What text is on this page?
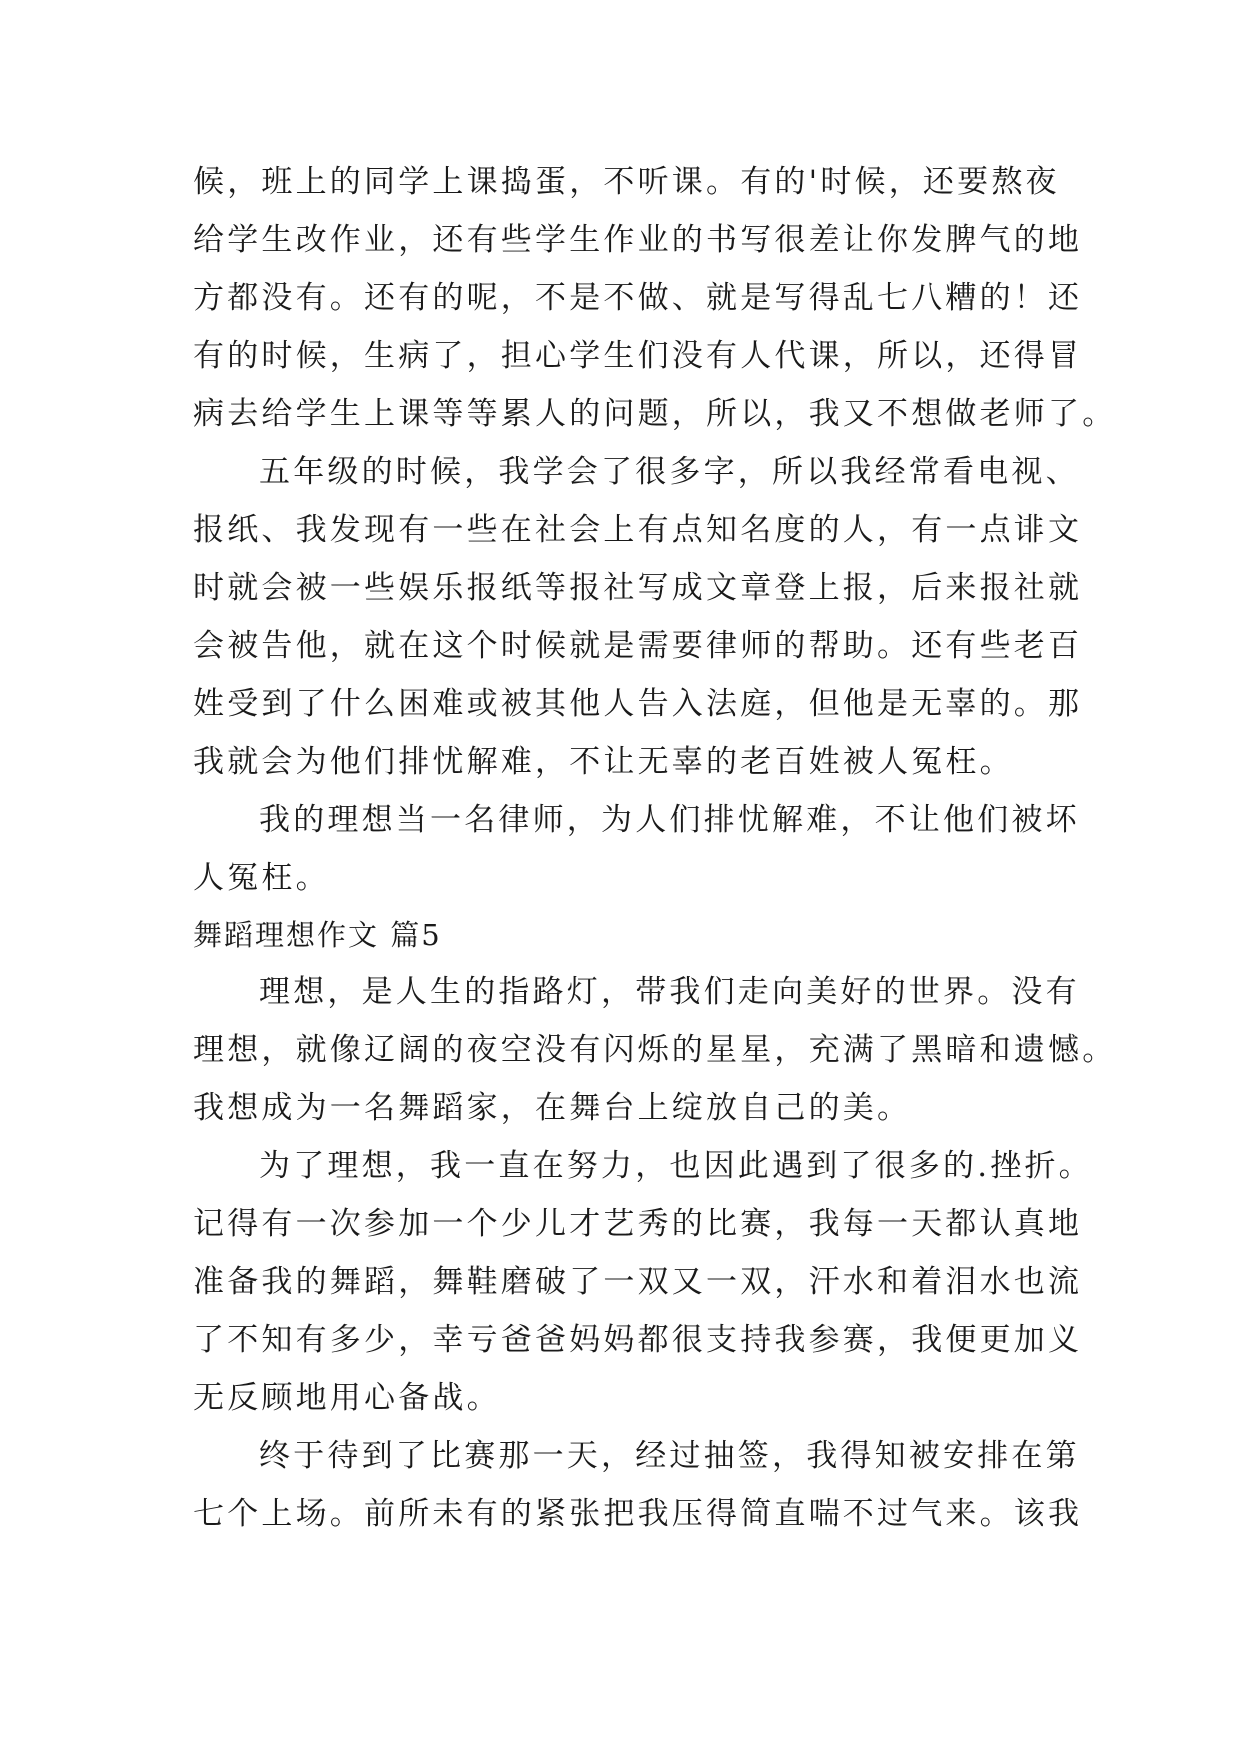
候，班上的同学上课捣蛋，不听课。有的'时候，还要熬夜
给学生改作业，还有些学生作业的书写很差让你发脾气的地
方都没有。还有的呢，不是不做、就是写得乱七八糟的！还
有的时候，生病了，担心学生们没有人代课，所以，还得冒
病去给学生上课等等累人的问题，所以，我又不想做老师了。
五年级的时候，我学会了很多字，所以我经常看电视、
报纸、我发现有一些在社会上有点知名度的人，有一点诽文
时就会被一些娱乐报纸等报社写成文章登上报，后来报社就
会被告他，就在这个时候就是需要律师的帮助。还有些老百
姓受到了什么困难或被其他人告入法庭，但他是无辜的。那
我就会为他们排忧解难，不让无辜的老百姓被人冤枉。
我的理想当一名律师，为人们排忧解难，不让他们被坏
人冤枉。
舞蹈理想作文 篇5
理想，是人生的指路灯，带我们走向美好的世界。没有
理想，就像辽阔的夜空没有闪烁的星星，充满了黑暗和遗憾。
我想成为一名舞蹈家，在舞台上绽放自己的美。
为了理想，我一直在努力，也因此遇到了很多的.挫折。
记得有一次参加一个少儿才艺秀的比赛，我每一天都认真地
准备我的舞蹈，舞鞋磨破了一双又一双，汗水和着泪水也流
了不知有多少，幸亏爸爸妈妈都很支持我参赛，我便更加义
无反顾地用心备战。
终于待到了比赛那一天，经过抽签，我得知被安排在第
七个上场。前所未有的紧张把我压得简直喘不过气来。该我
